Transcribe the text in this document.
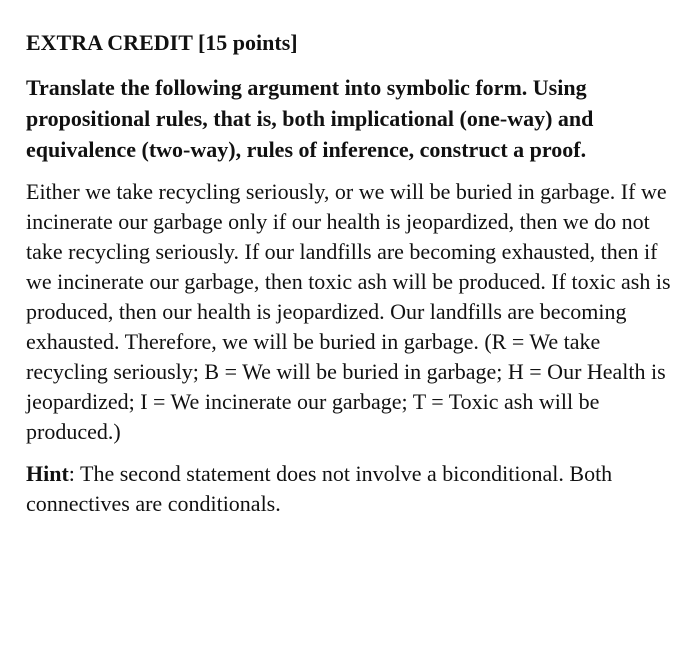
EXTRA CREDIT [15 points]
Translate the following argument into symbolic form. Using propositional rules, that is, both implicational (one-way) and equivalence (two-way), rules of inference, construct a proof.
Either we take recycling seriously, or we will be buried in garbage. If we incinerate our garbage only if our health is jeopardized, then we do not take recycling seriously. If our landfills are becoming exhausted, then if we incinerate our garbage, then toxic ash will be produced. If toxic ash is produced, then our health is jeopardized. Our landfills are becoming exhausted. Therefore, we will be buried in garbage. (R = We take recycling seriously; B = We will be buried in garbage; H = Our Health is jeopardized; I = We incinerate our garbage; T = Toxic ash will be produced.)
Hint: The second statement does not involve a biconditional. Both connectives are conditionals.
